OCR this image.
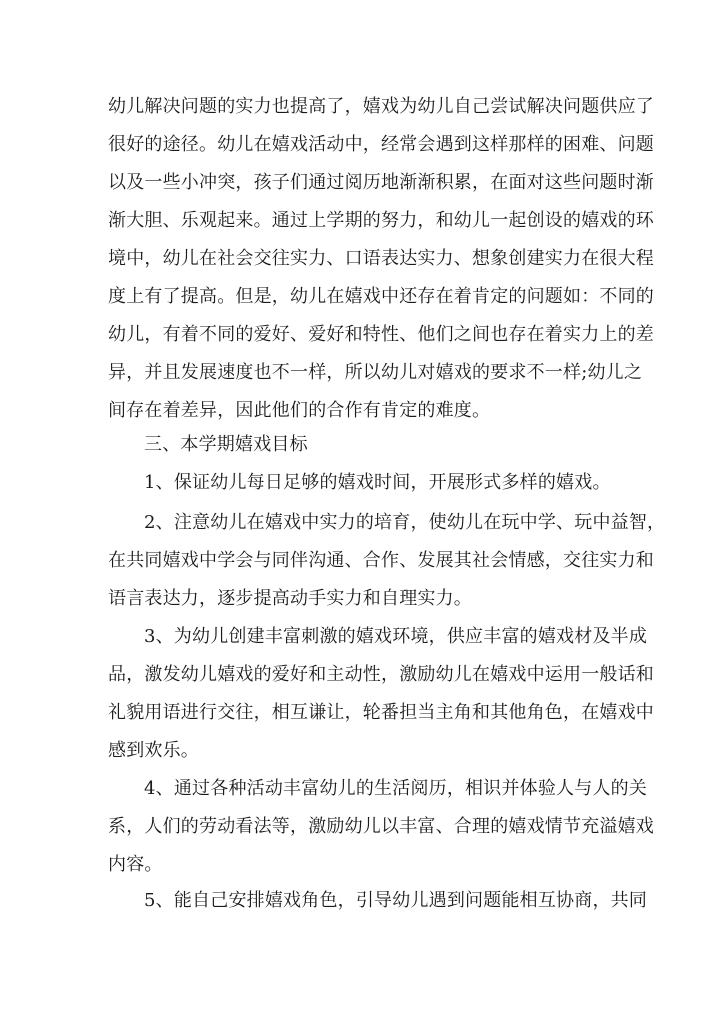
幼儿解决问题的实力也提高了，嬉戏为幼儿自己尝试解决问题供应了
很好的途径。幼儿在嬉戏活动中，经常会遇到这样那样的困难、问题
以及一些小冲突，孩子们通过阅历地渐渐积累，在面对这些问题时渐
渐大胆、乐观起来。通过上学期的努力，和幼儿一起创设的嬉戏的环
境中，幼儿在社会交往实力、口语表达实力、想象创建实力在很大程
度上有了提高。但是，幼儿在嬉戏中还存在着肯定的问题如：不同的
幼儿，有着不同的爱好、爱好和特性、他们之间也存在着实力上的差
异，并且发展速度也不一样，所以幼儿对嬉戏的要求不一样;幼儿之
间存在着差异，因此他们的合作有肯定的难度。
三、本学期嬉戏目标
1、保证幼儿每日足够的嬉戏时间，开展形式多样的嬉戏。
2、注意幼儿在嬉戏中实力的培育，使幼儿在玩中学、玩中益智，
在共同嬉戏中学会与同伴沟通、合作、发展其社会情感，交往实力和
语言表达力，逐步提高动手实力和自理实力。
3、为幼儿创建丰富刺激的嬉戏环境，供应丰富的嬉戏材及半成
品，激发幼儿嬉戏的爱好和主动性，激励幼儿在嬉戏中运用一般话和
礼貌用语进行交往，相互谦让，轮番担当主角和其他角色，在嬉戏中
感到欢乐。
4、通过各种活动丰富幼儿的生活阅历，相识并体验人与人的关
系，人们的劳动看法等，激励幼儿以丰富、合理的嬉戏情节充溢嬉戏
内容。
5、能自己安排嬉戏角色，引导幼儿遇到问题能相互协商，共同
